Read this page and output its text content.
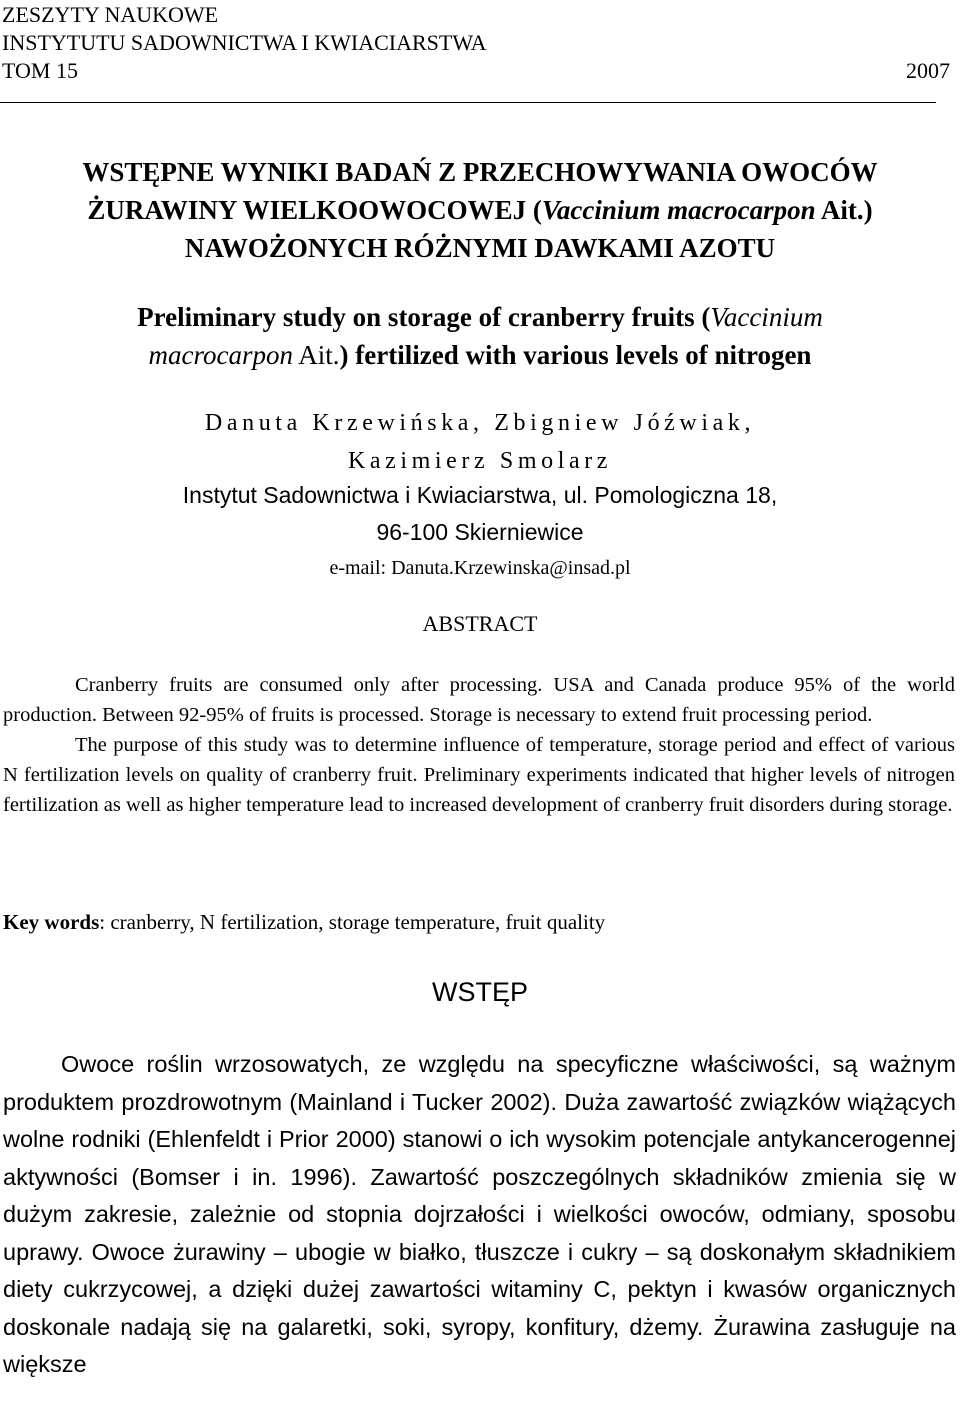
ZESZYTY NAUKOWE
INSTYTUTU SADOWNICTWA I KWIACIARSTWA
TOM 15	2007
WSTĘPNE WYNIKI BADAŃ Z PRZECHOWYWANIA OWOCÓW
ŻURAWINY WIELKOOWOCOWEJ (Vaccinium macrocarpon Ait.)
NAWOŻONYCH RÓŻNYMI DAWKAMI AZOTU
Preliminary study on storage of cranberry fruits (Vaccinium
macrocarpon Ait.) fertilized with various levels of nitrogen
Danuta Krzewińska, Zbigniew Jóźwiak,
Kazimierz Smolarz
Instytut Sadownictwa i Kwiaciarstwa, ul. Pomologiczna 18,
96-100 Skierniewice
e-mail: Danuta.Krzewinska@insad.pl
ABSTRACT

Cranberry fruits are consumed only after processing. USA and Canada produce 95% of the world production. Between 92-95% of fruits is processed. Storage is necessary to extend fruit processing period.

The purpose of this study was to determine influence of temperature, storage period and effect of various N fertilization levels on quality of cranberry fruit. Preliminary experiments indicated that higher levels of nitrogen fertilization as well as higher temperature lead to increased development of cranberry fruit disorders during storage.

Key words: cranberry, N fertilization, storage temperature, fruit quality
WSTĘP

Owoce roślin wrzosowatych, ze względu na specyficzne właściwości, są ważnym produktem prozdrowotnym (Mainland i Tucker 2002). Duża zawartość związków wiążących wolne rodniki (Ehlenfeldt i Prior 2000) stanowi o ich wysokim potencjale antykancerogennej aktywności (Bomser i in. 1996). Zawartość poszczególnych składników zmienia się w dużym zakresie, zależnie od stopnia dojrzałości i wielkości owoców, odmiany, sposobu uprawy. Owoce żurawiny – ubogie w białko, tłuszcze i cukry – są doskonałym składnikiem diety cukrzycowej, a dzięki dużej zawartości witaminy C, pektyn i kwasów organicznych doskonale nadają się na galaretki, soki, syropy, konfitury, dżemy. Żurawina zasługuje na większe
